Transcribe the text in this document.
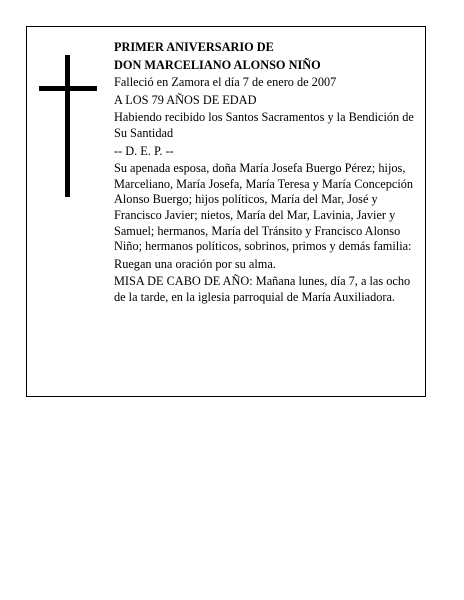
PRIMER ANIVERSARIO DE

DON MARCELIANO ALONSO NIÑO

Falleció en Zamora el día 7 de enero de 2007

A LOS 79 AÑOS DE EDAD

Habiendo recibido los Santos Sacramentos y la Bendición de Su Santidad

-- D. E. P. --

Su apenada esposa, doña María Josefa Buergo Pérez; hijos, Marceliano, María Josefa, María Teresa y María Concepción Alonso Buergo; hijos políticos, María del Mar, José y Francisco Javier; nietos, María del Mar, Lavinia, Javier y Samuel; hermanos, María del Tránsito y Francisco Alonso Niño; hermanos políticos, sobrinos, primos y demás familia:

Ruegan una oración por su alma.

MISA DE CABO DE AÑO: Mañana lunes, día 7, a las ocho de la tarde, en la iglesia parroquial de María Auxiliadora.
